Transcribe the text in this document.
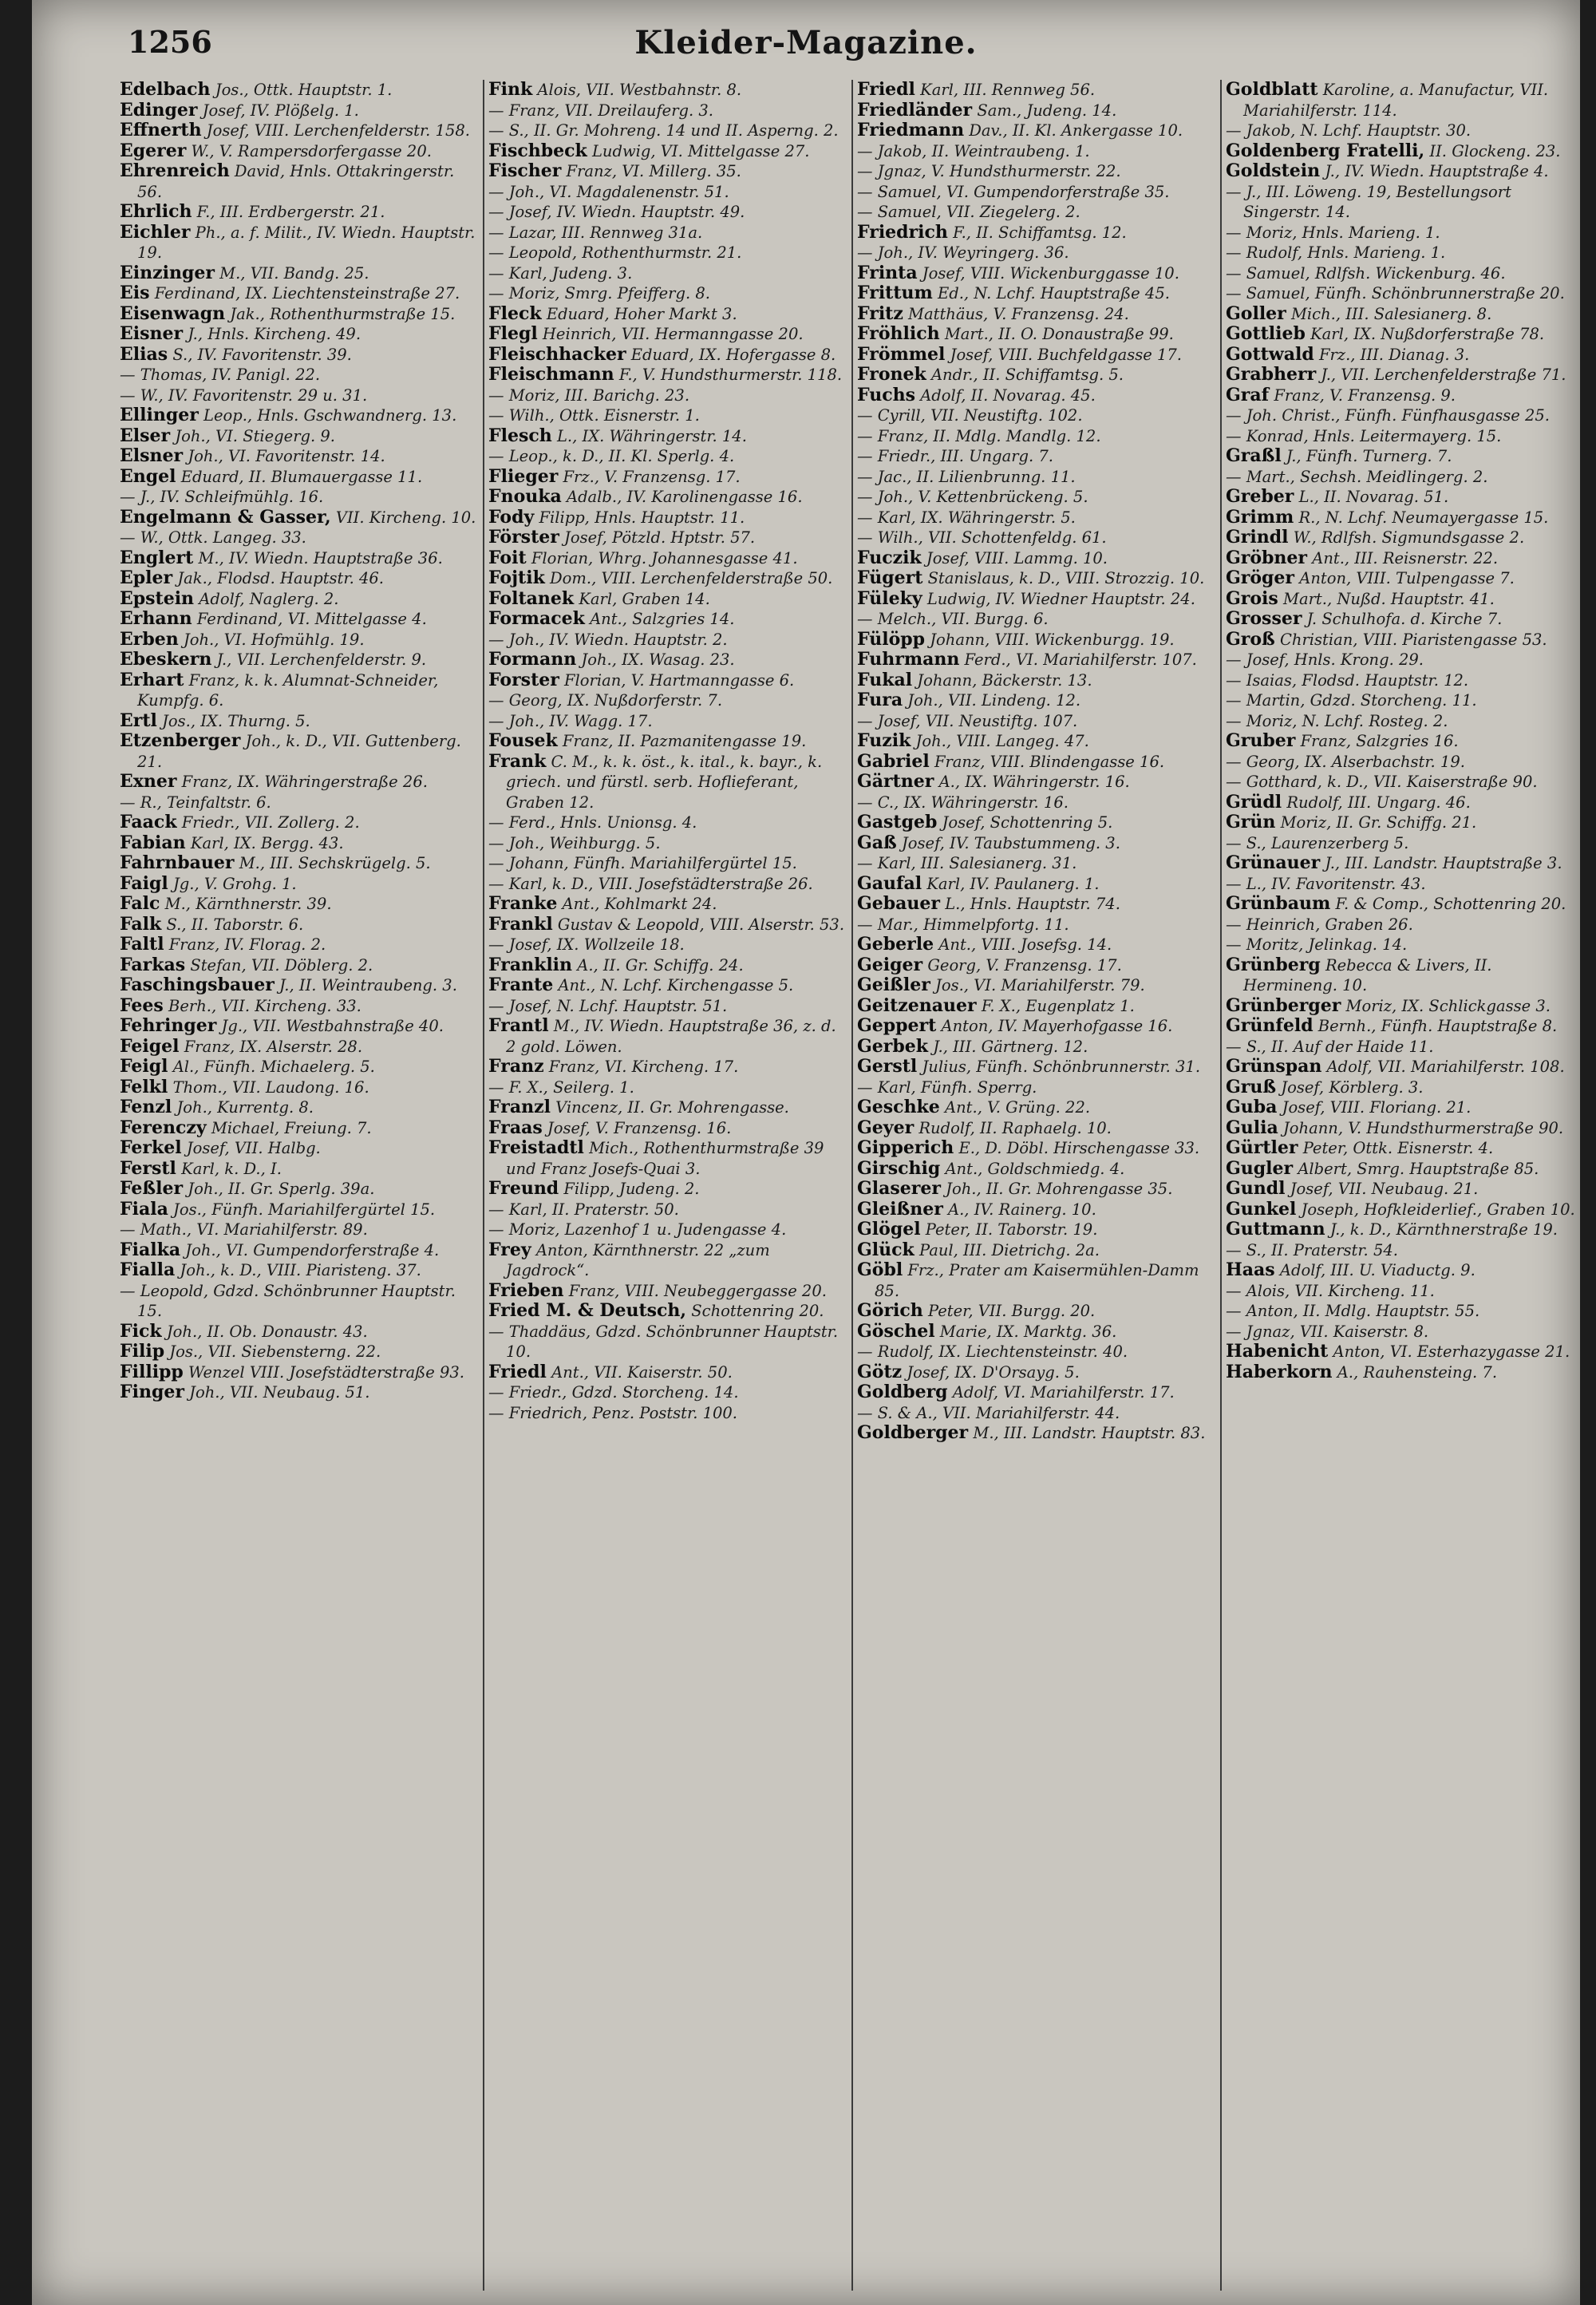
1256	Kleider-Magazine.
Edelbach Jos., Ottk. Hauptstr. 1.
Edinger Josef, IV. Plößelg. 1.
Effnerth Josef, VIII. Lerchenfelderstr. 158.
Egerer W., V. Rampersdorfergasse 20.
Ehrenreich David, Hnls. Ottakringerstr. 56.
Ehrlich F., III. Erdbergerstr. 21.
Eichler Ph., a. f. Milit., IV. Wiedn. Hauptstr. 19.
Einzinger M., VII. Bandg. 25.
Eis Ferdinand, IX. Liechtensteinstraße 27.
Eisenwagn Jak., Rothenthurmstraße 15.
Eisner J., Hnls. Kircheng. 49.
Elias S., IV. Favoritenstr. 39.
— Thomas, IV. Panigl. 22.
— W., IV. Favoritenstr. 29 u. 31.
Ellinger Leop., Hnls. Gschwandnerg. 13.
Elser Joh., VI. Stiegerg. 9.
Elsner Joh., VI. Favoritenstr. 14.
Engel Eduard, II. Blumauergasse 11.
— J., IV. Schleifmühlg. 16.
Engelmann & Gasser, VII. Kircheng. 10.
— W., Ottk. Langeg. 33.
Englert M., IV. Wiedn. Hauptstraße 36.
Epler Jak., Flodsd. Hauptstr. 46.
Epstein Adolf, Naglerg. 2.
Erhann Ferdinand, VI. Mittelgasse 4.
Erben Joh., VI. Hofmühlg. 19.
Ebeskern J., VII. Lerchenfelderstr. 9.
Erhart Franz, k. k. Alumnat-Schneider, Kumpfg. 6.
Ertl Jos., IX. Thurng. 5.
Etzenberger Joh., k. D., VII. Guttenberg. 21.
Exner Franz, IX. Währingerstraße 26.
— R., Teinfaltstr. 6.
Faack Friedr., VII. Zollerg. 2.
Fabian Karl, IX. Bergg. 43.
Fahrnbauer M., III. Sechskrügelg. 5.
Faigl Jg., V. Grohg. 1.
Falc M., Kärnthnerstr. 39.
Falk S., II. Taborstr. 6.
Faltl Franz, IV. Florag. 2.
Farkas Stefan, VII. Döblerg. 2.
Faschingsbauer J., II. Weintraubeng. 3.
Fees Berh., VII. Kircheng. 33.
Fehringer Jg., VII. Westbahnstraße 40.
Feigel Franz, IX. Alserstr. 28.
Feigl Al., Fünfh. Michaelerg. 5.
Felkl Thom., VII. Laudong. 16.
Fenzl Joh., Kurrentg. 8.
Ferenczy Michael, Freiung. 7.
Ferkel Josef, VII. Halbg.
Ferstl Karl, k. D., I.
Feßler Joh., II. Gr. Sperlg. 39a.
Fiala Jos., Fünfh. Mariahilfergürtel 15.
— Math., VI. Mariahilferstr. 89.
Fialka Joh., VI. Gumpendorferstraße 4.
Fialla Joh., k. D., VIII. Piaristeng. 37.
— Leopold, Gdzd. Schönbrunner Hauptstr. 15.
Fick Joh., II. Ob. Donaustr. 43.
Filip Jos., VII. Siebensterng. 22.
Fillipp Wenzel VIII. Josefstädterstraße 93.
Finger Joh., VII. Neubaug. 51.
Fink Alois, VII. Westbahnstr. 8.
— Franz, VII. Dreilauferg. 3.
— S., II. Gr. Mohreng. 14 und II. Asperng. 2.
Fischbeck Ludwig, VI. Mittelgasse 27.
Fischer Franz, VI. Millerg. 35.
— Joh., VI. Magdalenenstr. 51.
— Josef, IV. Wiedn. Hauptstr. 49.
— Lazar, III. Rennweg 31a.
— Leopold, Rothenthurmstr. 21.
— Karl, Judeng. 3.
— Moriz, Smrg. Pfeifferg. 8.
Fleck Eduard, Hoher Markt 3.
Flegl Heinrich, VII. Hermanngasse 20.
Fleischhacker Eduard, IX. Hofergasse 8.
Fleischmann F., V. Hundsthurmerstr. 118.
— Moriz, III. Barichg. 23.
— Wilh., Ottk. Eisnerstr. 1.
Flesch L., IX. Währingerstr. 14.
— Leop., k. D., II. Kl. Sperlg. 4.
Flieger Frz., V. Franzensg. 17.
Fnouka Adalb., IV. Karolinengasse 16.
Fody Filipp, Hnls. Hauptstr. 11.
Förster Josef, Pötzld. Hptstr. 57.
Foit Florian, Whrg. Johannesgasse 41.
Fojtik Dom., VIII. Lerchenfelderstraße 50.
Foltanek Karl, Graben 14.
Formacek Ant., Salzgries 14.
— Joh., IV. Wiedn. Hauptstr. 2.
Formann Joh., IX. Wasag. 23.
Forster Florian, V. Hartmanngasse 6.
— Georg, IX. Nußdorferstr. 7.
— Joh., IV. Wagg. 17.
Fousek Franz, II. Pazmanitengasse 19.
Frank C. M., k. k. öst., k. ital., k. bayr., k. griech. und fürstl. serb. Hoflieferant, Graben 12.
— Ferd., Hnls. Unionsg. 4.
— Joh., Weihburgg. 5.
— Johann, Fünfh. Mariahilfergürtel 15.
— Karl, k. D., VIII. Josefstädterstraße 26.
Franke Ant., Kohlmarkt 24.
Frankl Gustav & Leopold, VIII. Alserstr. 53.
— Josef, IX. Wollzeile 18.
Franklin A., II. Gr. Schiffg. 24.
Frante Ant., N. Lchf. Kirchengasse 5.
— Josef, N. Lchf. Hauptstr. 51.
Frantl M., IV. Wiedn. Hauptstraße 36, z. d. 2 gold. Löwen.
Franz Franz, VI. Kircheng. 17.
— F. X., Seilerg. 1.
Franzl Vincenz, II. Gr. Mohrengasse.
Fraas Josef, V. Franzensg. 16.
Freistadtl Mich., Rothenthurmstraße 39 und Franz Josefs-Quai 3.
Freund Filipp, Judeng. 2.
— Karl, II. Praterstr. 50.
— Moriz, Lazenhof 1 u. Judengasse 4.
Frey Anton, Kärnthnerstr. 22 „zum Jagdrock“.
Frieben Franz, VIII. Neubeggergasse 20.
Fried M. & Deutsch, Schottenring 20.
— Thaddäus, Gdzd. Schönbrunner Hauptstr. 10.
Friedl Ant., VII. Kaiserstr. 50.
— Friedr., Gdzd. Storcheng. 14.
— Friedrich, Penz. Poststr. 100.
Friedl Karl, III. Rennweg 56.
Friedländer Sam., Judeng. 14.
Friedmann Dav., II. Kl. Ankergasse 10.
— Jakob, II. Weintraubeng. 1.
— Jgnaz, V. Hundsthurmerstr. 22.
— Samuel, VI. Gumpendorferstraße 35.
— Samuel, VII. Ziegelerg. 2.
Friedrich F., II. Schiffamtsg. 12.
— Joh., IV. Weyringerg. 36.
Frinta Josef, VIII. Wickenburggasse 10.
Frittum Ed., N. Lchf. Hauptstraße 45.
Fritz Matthäus, V. Franzensg. 24.
Fröhlich Mart., II. O. Donaustraße 99.
Frömmel Josef, VIII. Buchfeldgasse 17.
Fronek Andr., II. Schiffamtsg. 5.
Fuchs Adolf, II. Novarag. 45.
— Cyrill, VII. Neustiftg. 102.
— Franz, II. Mdlg. Mandlg. 12.
— Friedr., III. Ungarg. 7.
— Jac., II. Lilienbrunng. 11.
— Joh., V. Kettenbrückeng. 5.
— Karl, IX. Währingerstr. 5.
— Wilh., VII. Schottenfeldg. 61.
Fuczik Josef, VIII. Lammg. 10.
Fügert Stanislaus, k. D., VIII. Strozzig. 10.
Füleky Ludwig, IV. Wiedner Hauptstr. 24.
— Melch., VII. Burgg. 6.
Fülöpp Johann, VIII. Wickenburgg. 19.
Fuhrmann Ferd., VI. Mariahilferstr. 107.
Fukal Johann, Bäckerstr. 13.
Fura Joh., VII. Lindeng. 12.
— Josef, VII. Neustiftg. 107.
Fuzik Joh., VIII. Langeg. 47.
Gabriel Franz, VIII. Blindengasse 16.
Gärtner A., IX. Währingerstr. 16.
— C., IX. Währingerstr. 16.
Gastgeb Josef, Schottenring 5.
Gaß Josef, IV. Taubstummeng. 3.
— Karl, III. Salesianerg. 31.
Gaufal Karl, IV. Paulanerg. 1.
Gebauer L., Hnls. Hauptstr. 74.
— Mar., Himmelpfortg. 11.
Geberle Ant., VIII. Josefsg. 14.
Geiger Georg, V. Franzensg. 17.
Geißler Jos., VI. Mariahilferstr. 79.
Geitzenauer F. X., Eugenplatz 1.
Geppert Anton, IV. Mayerhofgasse 16.
Gerbek J., III. Gärtnerg. 12.
Gerstl Julius, Fünfh. Schönbrunnerstr. 31.
— Karl, Fünfh. Sperrg.
Geschke Ant., V. Grüng. 22.
Geyer Rudolf, II. Raphaelg. 10.
Gipperich E., D. Döbl. Hirschengasse 33.
Girschig Ant., Goldschmiedg. 4.
Glaserer Joh., II. Gr. Mohrengasse 35.
Gleißner A., IV. Rainerg. 10.
Glögel Peter, II. Taborstr. 19.
Glück Paul, III. Dietrichg. 2a.
Göbl Frz., Prater am Kaisermühlen-Damm 85.
Görich Peter, VII. Burgg. 20.
Göschel Marie, IX. Marktg. 36.
— Rudolf, IX. Liechtensteinstr. 40.
Götz Josef, IX. D'Orsayg. 5.
Goldberg Adolf, VI. Mariahilferstr. 17.
— S. & A., VII. Mariahilferstr. 44.
Goldberger M., III. Landstr. Hauptstr. 83.
Goldblatt Karoline, a. Manufactur, VII. Mariahilferstr. 114.
— Jakob, N. Lchf. Hauptstr. 30.
Goldenberg Fratelli, II. Glockeng. 23.
Goldstein J., IV. Wiedn. Hauptstraße 4.
— J., III. Löweng. 19, Bestellungsort Singerstr. 14.
— Moriz, Hnls. Marieng. 1.
— Rudolf, Hnls. Marieng. 1.
— Samuel, Rdlfsh. Wickenburg. 46.
— Samuel, Fünfh. Schönbrunnerstraße 20.
Goller Mich., III. Salesianerg. 8.
Gottlieb Karl, IX. Nußdorferstraße 78.
Gottwald Frz., III. Dianag. 3.
Grabherr J., VII. Lerchenfelderstraße 71.
Graf Franz, V. Franzensg. 9.
— Joh. Christ., Fünfh. Fünfhausgasse 25.
— Konrad, Hnls. Leitermayerg. 15.
Graßl J., Fünfh. Turnerg. 7.
— Mart., Sechsh. Meidlingerg. 2.
Greber L., II. Novarag. 51.
Grimm R., N. Lchf. Neumayergasse 15.
Grindl W., Rdlfsh. Sigmundsgasse 2.
Gröbner Ant., III. Reisnerstr. 22.
Gröger Anton, VIII. Tulpengasse 7.
Grois Mart., Nußd. Hauptstr. 41.
Grosser J. Schulhofa. d. Kirche 7.
Groß Christian, VIII. Piaristengasse 53.
— Josef, Hnls. Krong. 29.
— Isaias, Flodsd. Hauptstr. 12.
— Martin, Gdzd. Storcheng. 11.
— Moriz, N. Lchf. Rosteg. 2.
Gruber Franz, Salzgries 16.
— Georg, IX. Alserbachstr. 19.
— Gotthard, k. D., VII. Kaiserstraße 90.
Grüdl Rudolf, III. Ungarg. 46.
Grün Moriz, II. Gr. Schiffg. 21.
— S., Laurenzerberg 5.
Grünauer J., III. Landstr. Hauptstraße 3.
— L., IV. Favoritenstr. 43.
Grünbaum F. & Comp., Schottenring 20.
— Heinrich, Graben 26.
— Moritz, Jelinkag. 14.
Grünberg Rebecca & Livers, II. Hermineng. 10.
Grünberger Moriz, IX. Schlickgasse 3.
Grünfeld Bernh., Fünfh. Hauptstraße 8.
— S., II. Auf der Haide 11.
Grünspan Adolf, VII. Mariahilferstr. 108.
Gruß Josef, Körblerg. 3.
Guba Josef, VIII. Floriang. 21.
Gulia Johann, V. Hundsthurmerstraße 90.
Gürtler Peter, Ottk. Eisnerstr. 4.
Gugler Albert, Smrg. Hauptstraße 85.
Gundl Josef, VII. Neubaug. 21.
Gunkel Joseph, Hofkleiderlief., Graben 10.
Guttmann J., k. D., Kärnthnerstraße 19.
— S., II. Praterstr. 54.
Haas Adolf, III. U. Viaductg. 9.
— Alois, VII. Kircheng. 11.
— Anton, II. Mdlg. Hauptstr. 55.
— Jgnaz, VII. Kaiserstr. 8.
Habenicht Anton, VI. Esterhazygasse 21.
Haberkorn A., Rauhensteing. 7.
